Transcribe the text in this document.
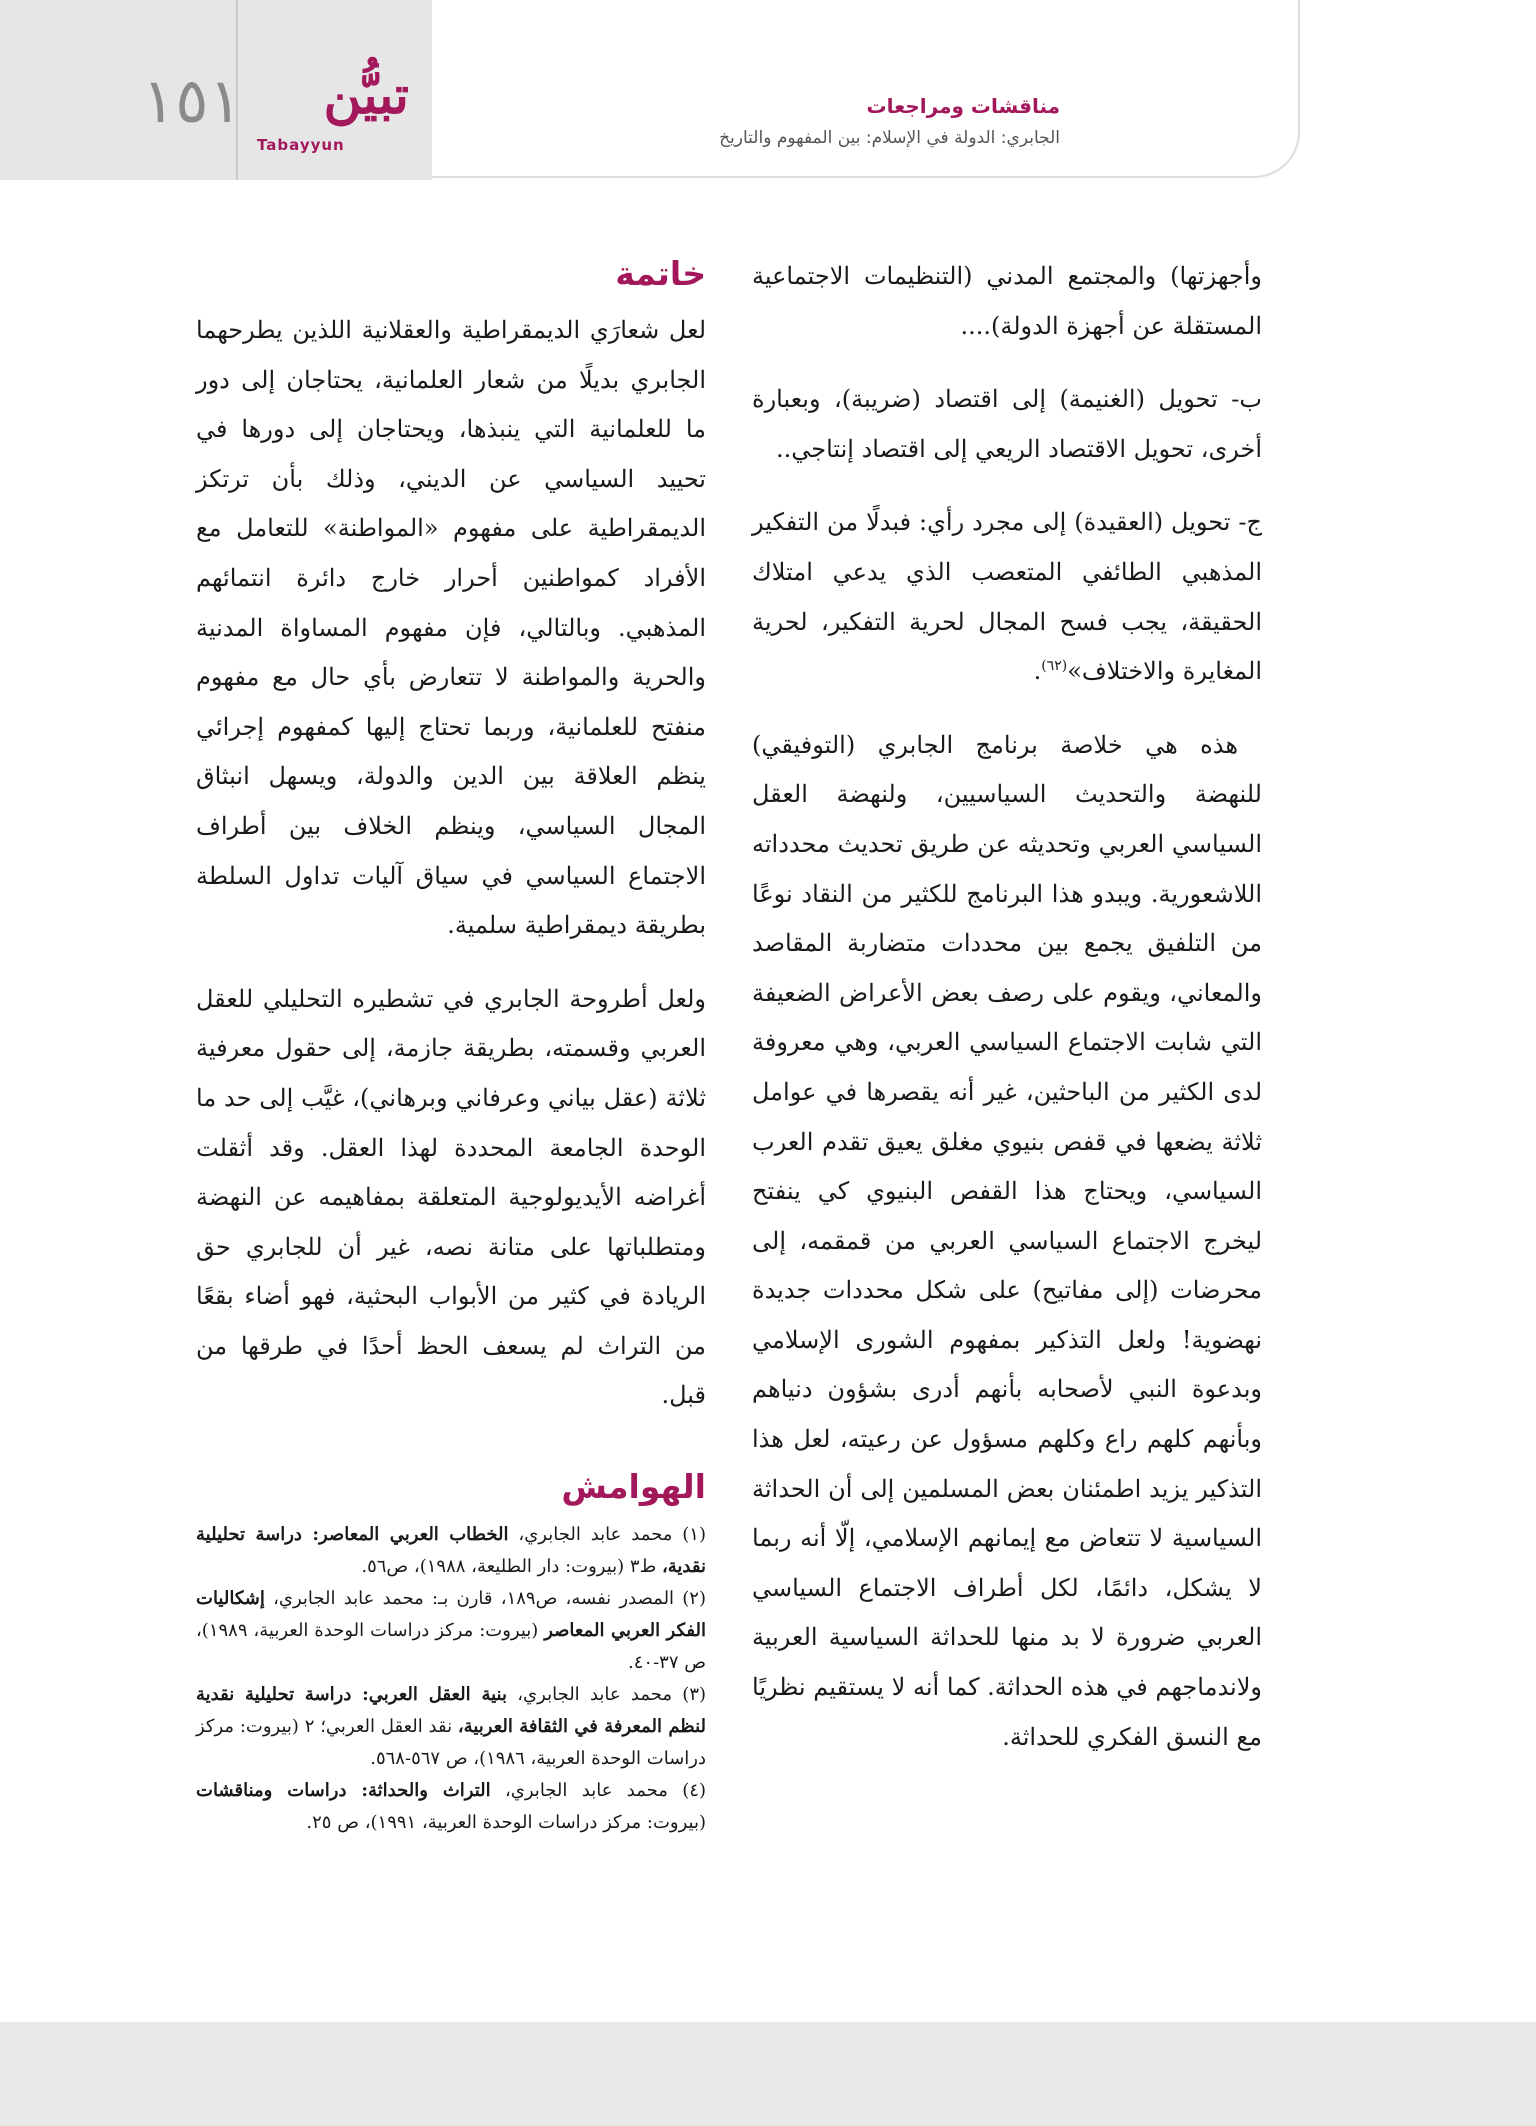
١٥١ تبيُّن
Tabayyun
مناقشات ومراجعات
الجابري: الدولة في الإسلام: بين المفهوم والتاريخ

وأجهزتها) والمجتمع المدني (التنظيمات الاجتماعية المستقلة عن أجهزة الدولة)....

ب- تحويل (الغنيمة) إلى اقتصاد (ضريبة)، وبعبارة أخرى، تحويل الاقتصاد الريعي إلى اقتصاد إنتاجي..

ج- تحويل (العقيدة) إلى مجرد رأي: فبدلًا من التفكير المذهبي الطائفي المتعصب الذي يدعي امتلاك الحقيقة، يجب فسح المجال لحرية التفكير، لحرية المغايرة والاختلاف»$^{(٦٢)}$.

هذه هي خلاصة برنامج الجابري (التوفيقي) للنهضة والتحديث السياسيين، ولنهضة العقل السياسي العربي وتحديثه عن طريق تحديث محدداته اللاشعورية. ويبدو هذا البرنامج للكثير من النقاد نوعًا من التلفيق يجمع بين محددات متضاربة المقاصد والمعاني، ويقوم على رصف بعض الأعراض الضعيفة التي شابت الاجتماع السياسي العربي، وهي معروفة لدى الكثير من الباحثين، غير أنه يقصرها في عوامل ثلاثة يضعها في قفص بنيوي مغلق يعيق تقدم العرب السياسي، ويحتاج هذا القفص البنيوي كي ينفتح ليخرج الاجتماع السياسي العربي من قمقمه، إلى محرضات (إلى مفاتيح) على شكل محددات جديدة نهضوية! ولعل التذكير بمفهوم الشورى الإسلامي وبدعوة النبي لأصحابه بأنهم أدرى بشؤون دنياهم وبأنهم كلهم راع وكلهم مسؤول عن رعيته، لعل هذا التذكير يزيد اطمئنان بعض المسلمين إلى أن الحداثة السياسية لا تتعاض مع إيمانهم الإسلامي، إلّا أنه ربما لا يشكل، دائمًا، لكل أطراف الاجتماع السياسي العربي ضرورة لا بد منها للحداثة السياسية العربية ولاندماجهم في هذه الحداثة. كما أنه لا يستقيم نظريًا مع النسق الفكري للحداثة.

خاتمة

لعل شعارَي الديمقراطية والعقلانية اللذين يطرحهما الجابري بديلًا من شعار العلمانية، يحتاجان إلى دور ما للعلمانية التي ينبذها، ويحتاجان إلى دورها في تحييد السياسي عن الديني، وذلك بأن ترتكز الديمقراطية على مفهوم «المواطنة» للتعامل مع الأفراد كمواطنين أحرار خارج دائرة انتمائهم المذهبي. وبالتالي، فإن مفهوم المساواة المدنية والحرية والمواطنة لا تتعارض بأي حال مع مفهوم منفتح للعلمانية، وربما تحتاج إليها كمفهوم إجرائي ينظم العلاقة بين الدين والدولة، ويسهل انبثاق المجال السياسي، وينظم الخلاف بين أطراف الاجتماع السياسي في سياق آليات تداول السلطة بطريقة ديمقراطية سلمية.

ولعل أطروحة الجابري في تشطيره التحليلي للعقل العربي وقسمته، بطريقة جازمة، إلى حقول معرفية ثلاثة (عقل بياني وعرفاني وبرهاني)، غيَّب إلى حد ما الوحدة الجامعة المحددة لهذا العقل. وقد أثقلت أغراضه الأيديولوجية المتعلقة بمفاهيمه عن النهضة ومتطلباتها على متانة نصه، غير أن للجابري حق الريادة في كثير من الأبواب البحثية، فهو أضاء بقعًا من التراث لم يسعف الحظ أحدًا في طرقها من قبل.

الهوامش

(١) محمد عابد الجابري، الخطاب العربي المعاصر: دراسة تحليلية نقدية، ط٣ (بيروت: دار الطليعة، ١٩٨٨)، ص٥٦.

(٢) المصدر نفسه، ص١٨٩، قارن بـ: محمد عابد الجابري، إشكاليات الفكر العربي المعاصر (بيروت: مركز دراسات الوحدة العربية، ١٩٨٩)، ص ٣٧-٤٠.

(٣) محمد عابد الجابري، بنية العقل العربي: دراسة تحليلية نقدية لنظم المعرفة في الثقافة العربية، نقد العقل العربي؛ ٢ (بيروت: مركز دراسات الوحدة العربية، ١٩٨٦)، ص ٥٦٧-٥٦٨.

(٤) محمد عابد الجابري، التراث والحداثة: دراسات ومناقشات (بيروت: مركز دراسات الوحدة العربية، ١٩٩١)، ص ٢٥.
